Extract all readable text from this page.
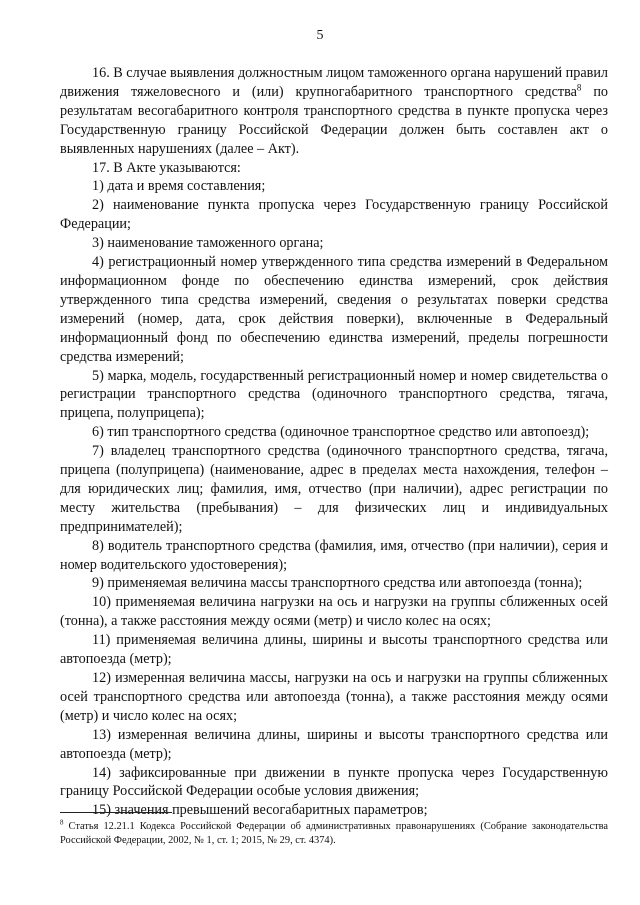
5

16. В случае выявления должностным лицом таможенного органа нарушений правил движения тяжеловесного и (или) крупногабаритного транспортного средства$^8$ по результатам весогабаритного контроля транспортного средства в пункте пропуска через Государственную границу Российской Федерации должен быть составлен акт о выявленных нарушениях (далее – Акт).

17. В Акте указываются:

1) дата и время составления;

2) наименование пункта пропуска через Государственную границу Российской Федерации;

3) наименование таможенного органа;

4) регистрационный номер утвержденного типа средства измерений в Федеральном информационном фонде по обеспечению единства измерений, срок действия утвержденного типа средства измерений, сведения о результатах поверки средства измерений (номер, дата, срок действия поверки), включенные в Федеральный информационный фонд по обеспечению единства измерений, пределы погрешности средства измерений;

5) марка, модель, государственный регистрационный номер и номер свидетельства о регистрации транспортного средства (одиночного транспортного средства, тягача, прицепа, полуприцепа);

6) тип транспортного средства (одиночное транспортное средство или автопоезд);

7) владелец транспортного средства (одиночного транспортного средства, тягача, прицепа (полуприцепа) (наименование, адрес в пределах места нахождения, телефон – для юридических лиц; фамилия, имя, отчество (при наличии), адрес регистрации по месту жительства (пребывания) – для физических лиц и индивидуальных предпринимателей);

8) водитель транспортного средства (фамилия, имя, отчество (при наличии), серия и номер водительского удостоверения);

9) применяемая величина массы транспортного средства или автопоезда (тонна);

10) применяемая величина нагрузки на ось и нагрузки на группы сближенных осей (тонна), а также расстояния между осями (метр) и число колес на осях;

11) применяемая величина длины, ширины и высоты транспортного средства или автопоезда (метр);

12) измеренная величина массы, нагрузки на ось и нагрузки на группы сближенных осей транспортного средства или автопоезда (тонна), а также расстояния между осями (метр) и число колес на осях;

13) измеренная величина длины, ширины и высоты транспортного средства или автопоезда (метр);

14) зафиксированные при движении в пункте пропуска через Государственную границу Российской Федерации особые условия движения;

15) значения превышений весогабаритных параметров;

$^8$ Статья 12.21.1 Кодекса Российской Федерации об административных правонарушениях (Собрание законодательства Российской Федерации, 2002, № 1, ст. 1; 2015, № 29, ст. 4374).
